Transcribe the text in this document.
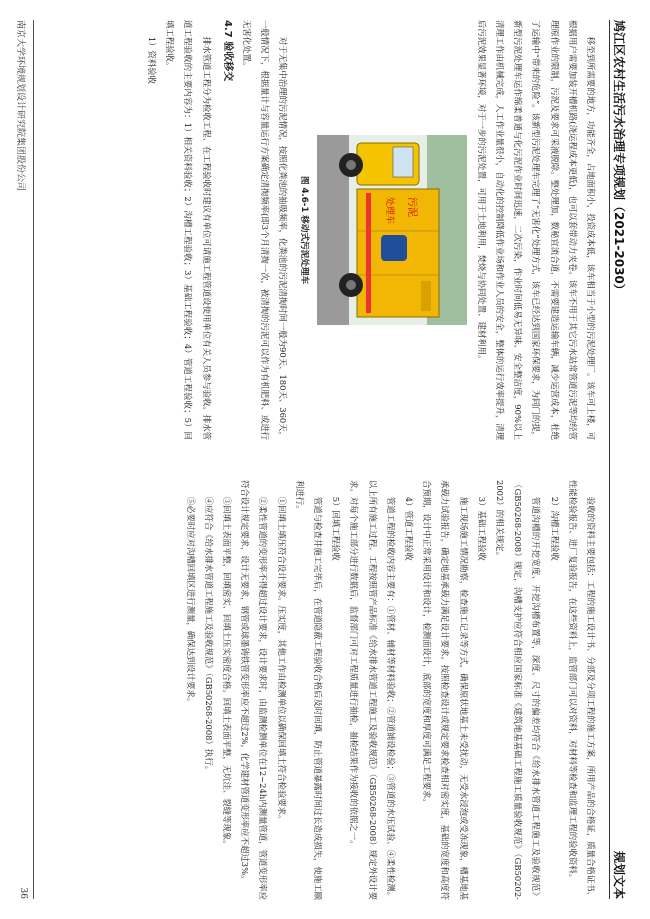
鸠江区农村生活污水治理专项规划（2021-2030）
规划文本

移至到所需要的地方，功能齐全，占地面积小，投资成本低，该车相当于小型的污泥处理厂。该车可上楼，可根据用户需要加装开槽机路(浇运程成本更低)，也可以套带动力夹卷。该车不用于其它污水站常管道污泥等均经管理原作业的限制，污泥及要求可采液脱除。整处理加，数秘宜流合道，不需要建造运输车辆，减少运营成本，杜绝了运输中“带来的危险”。该新型污泥处理车完理了“无害化”处理方式，该车已经达到国家环保要求，为同门的提，新型污泥处理车运作绵柔普通与化污泥作业时间迅速，二次污染，作业时间低易无异味、安全整洁度，90%以上清理工作由机械完成，人工作业量很小，自动化的控制降低作业场和作业人员的安全，整体的运行效率提升，清理后污泥效果显著环境，对于一步的污泥处置，可用于土地利用，焚烧与协同处置、建材利用。

污泥
处理车
图 4.6-1 移动式污泥处理车

对于无集中治理的污泥情况，按照化粪池的抽吸频率，化粪池的污泥清掏时间一般为90天、180天、360天，一般情况下，根据量计与容量运行方案确定清掏频率(即3个月清掏一次，被清掏的污泥可以作为有机肥料、或进行无害化处置。

4.7 验收移交

排水管道工程分为检收工程、在工程验收时建议有单位可请施工程管道设使用单位有关人员参与验收。排水管道工程验收的主要内容为：1）相关资料验收；2）沟槽工程验收；3）基础工程验收；4）管道工程验收；5）回填工程验收。

1）资料验收

验收的资料主要包括：工程的施工设计书、分部及分项工程的施工方案，所用产品的合格证，质量合格证书、性能检验报告、进厂复验报告，在这些资料上，监管部门可以对资料，对材料等检查和监理工程的验收资料。

2）沟槽工程验收

管道沟槽的开挖宽度、开挖沟槽布置等，深度、尺寸的偏差均符合《给水排水管道工程施工及验收规范》（GB50268-2008）规定，沟槽支护应符合相应国家标准《建筑地基基础工程施工质量验收规范》（GB50202-2002）的相关规定。

3）基础工程验收

施工现场施工情况勘察，检查施工记录等方式，确保原状地基土未受扰动，无受水浸泡或受冻现象，槽基地基承载力试验报告，确定地基承载力满足设计要求。按照检查设计或规定要求检查相对密实度，基础的宽度和高度符合预期，设计中正常采用设计和设计，检测面设计，底部的宽度和厚度可满足工程要求。

4）管道工程验收

管道工程的检收内容主要有：①管材、辅材等材料验收；②管道铺设检验；③管道的水压试验、④柔性检测。以上所有施工过程、工程按照管产品标准《给水排水管道工程施工及验收规范》（GB50268-2008）规定外设计要求。对每个施工部分进行数据后，监督部门可对工程质量进行抽检，抽检结果作为接收的依据之一。

5）回填工程验收

管道与检查井施工完毕后，在管道隐蔽工程验收合格后及时回填，防止管道暴露时间过长造成损失，使施工顺利进行。

①回填土填压符合设计要求。压实度，其他工作由检测单位以确保回填土符合检验要求。

②柔性管道的变形率不得超过设计要求，设计要求时，由监测检测单位在12~24h内测量管道，管道变形率应符合设计规定要求，设计无要求，钢管或球墨铸铁管变形率应不超过2%，化学建材管道变形率应不超过3%。

③回填土表面平整，回填密实、回填土压实密度合格。回填土表面平整，无坑洼、裂缝等现象。

④应符合《给水排水管道工程施工及验收规范》（GB50268-2008）执行。

⑤必要时应对沟槽回填区进行测量，确保达到设计要求。

南京大学环境规划设计研究院集团股份公司
36
